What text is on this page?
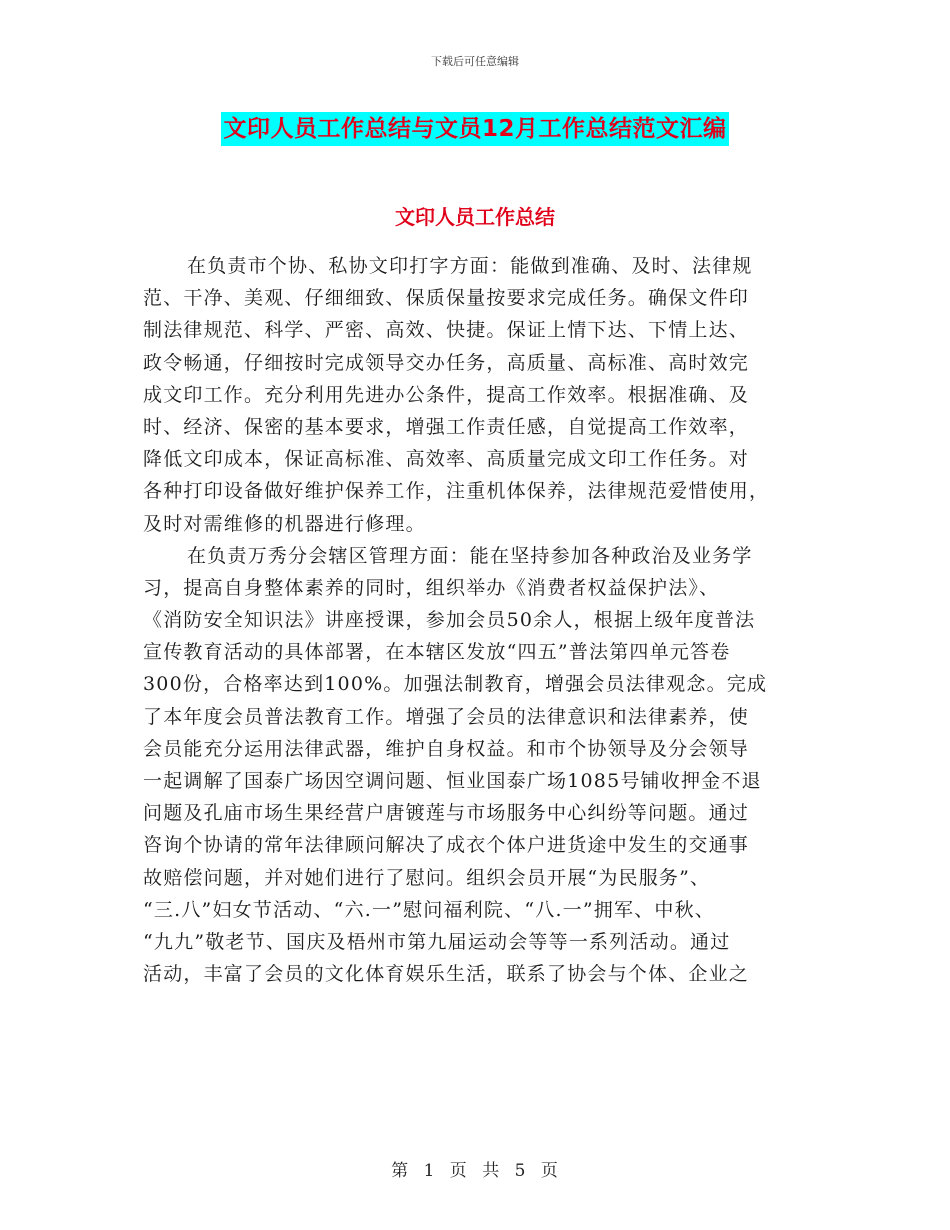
下载后可任意编辑
文印人员工作总结与文员12月工作总结范文汇编
文印人员工作总结
在负责市个协、私协文印打字方面：能做到准确、及时、法律规
范、干净、美观、仔细细致、保质保量按要求完成任务。确保文件印
制法律规范、科学、严密、高效、快捷。保证上情下达、下情上达、
政令畅通，仔细按时完成领导交办任务，高质量、高标准、高时效完
成文印工作。充分利用先进办公条件，提高工作效率。根据准确、及
时、经济、保密的基本要求，增强工作责任感，自觉提高工作效率，
降低文印成本，保证高标准、高效率、高质量完成文印工作任务。对
各种打印设备做好维护保养工作，注重机体保养，法律规范爱惜使用，
及时对需维修的机器进行修理。
在负责万秀分会辖区管理方面：能在坚持参加各种政治及业务学
习，提高自身整体素养的同时，组织举办《消费者权益保护法》、
《消防安全知识法》讲座授课，参加会员50余人，根据上级年度普法
宣传教育活动的具体部署，在本辖区发放“四五”普法第四单元答卷
300份，合格率达到100%。加强法制教育，增强会员法律观念。完成
了本年度会员普法教育工作。增强了会员的法律意识和法律素养，使
会员能充分运用法律武器，维护自身权益。和市个协领导及分会领导
一起调解了国泰广场因空调问题、恒业国泰广场1085号铺收押金不退
问题及孔庙市场生果经营户唐镀莲与市场服务中心纠纷等问题。通过
咨询个协请的常年法律顾问解决了成衣个体户进货途中发生的交通事
故赔偿问题，并对她们进行了慰问。组织会员开展“为民服务”、
“三.八”妇女节活动、“六.一”慰问福利院、“八.一”拥军、中秋、
“九九”敬老节、国庆及梧州市第九届运动会等等一系列活动。通过
活动，丰富了会员的文化体育娱乐生活，联系了协会与个体、企业之
第 1 页 共 5 页
